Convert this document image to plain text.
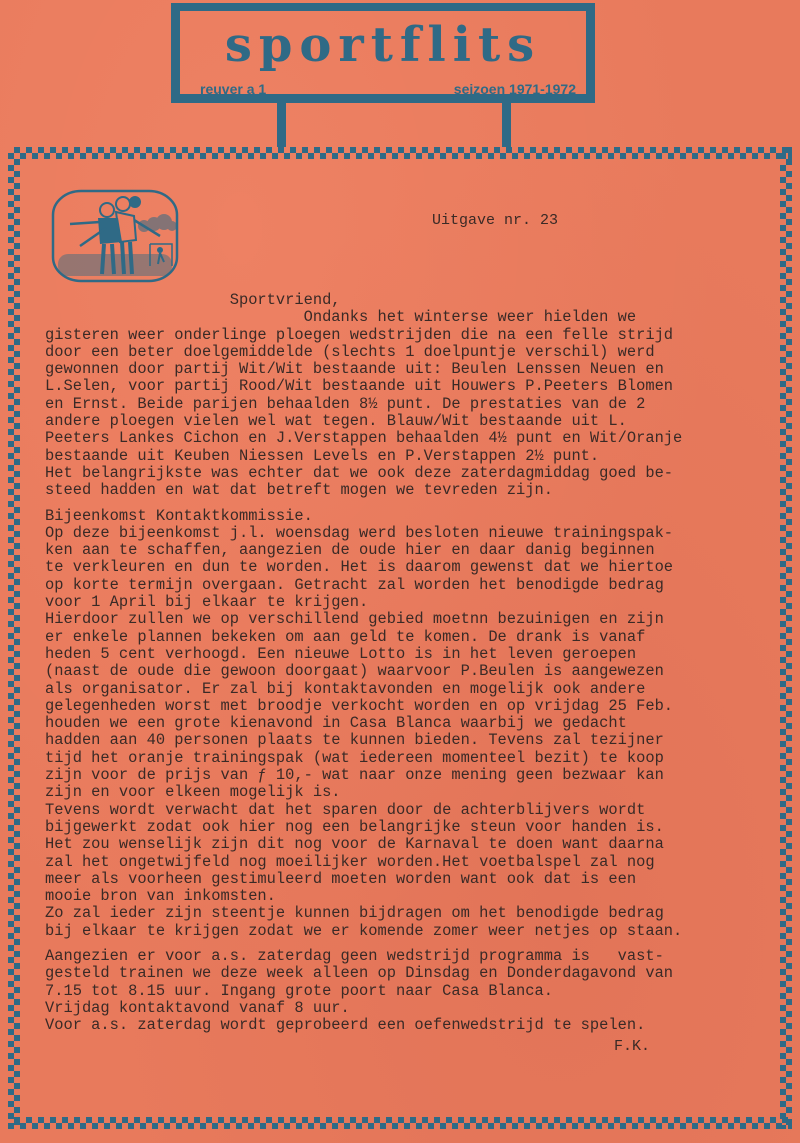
sportflits
reuver a 1	seizoen 1971-1972
Uitgave nr. 23
Sportvriend,
Ondanks het winterse weer hielden we
gisteren weer onderlinge ploegen wedstrijden die na een felle strijd
door een beter doelgemiddelde (slechts 1 doelpuntje verschil) werd
gewonnen door partij Wit/Wit bestaande uit: Beulen Lenssen Neuen en
L.Selen, voor partij Rood/Wit bestaande uit Houwers P.Peeters Blomen
en Ernst. Beide parijen behaalden 8½ punt. De prestaties van de 2
andere ploegen vielen wel wat tegen. Blauw/Wit bestaande uit L.
Peeters Lankes Cichon en J.Verstappen behaalden 4½ punt en Wit/Oranje
bestaande uit Keuben Niessen Levels en P.Verstappen 2½ punt.
Het belangrijkste was echter dat we ook deze zaterdagmiddag goed be-
steed hadden en wat dat betreft mogen we tevreden zijn.
Bijeenkomst Kontaktkommissie.
Op deze bijeenkomst j.l. woensdag werd besloten nieuwe trainingspak-
ken aan te schaffen, aangezien de oude hier en daar danig beginnen
te verkleuren en dun te worden. Het is daarom gewenst dat we hiertoe
op korte termijn overgaan. Getracht zal worden het benodigde bedrag
voor 1 April bij elkaar te krijgen.
Hierdoor zullen we op verschillend gebied moetnn bezuinigen en zijn
er enkele plannen bekeken om aan geld te komen. De drank is vanaf
heden 5 cent verhoogd. Een nieuwe Lotto is in het leven geroepen
(naast de oude die gewoon doorgaat) waarvoor P.Beulen is aangewezen
als organisator. Er zal bij kontaktavonden en mogelijk ook andere
gelegenheden worst met broodje verkocht worden en op vrijdag 25 Feb.
houden we een grote kienavond in Casa Blanca waarbij we gedacht
hadden aan 40 personen plaats te kunnen bieden. Tevens zal tezijner
tijd het oranje trainingspak (wat iedereen momenteel bezit) te koop
zijn voor de prijs van ƒ 10,- wat naar onze mening geen bezwaar kan
zijn en voor elkeen mogelijk is.
Tevens wordt verwacht dat het sparen door de achterblijvers wordt
bijgewerkt zodat ook hier nog een belangrijke steun voor handen is.
Het zou wenselijk zijn dit nog voor de Karnaval te doen want daarna
zal het ongetwijfeld nog moeilijker worden.Het voetbalspel zal nog
meer als voorheen gestimuleerd moeten worden want ook dat is een
mooie bron van inkomsten.
Zo zal ieder zijn steentje kunnen bijdragen om het benodigde bedrag
bij elkaar te krijgen zodat we er komende zomer weer netjes op staan.
Aangezien er voor a.s. zaterdag geen wedstrijd programma is   vast-
gesteld trainen we deze week alleen op Dinsdag en Donderdagavond van
7.15 tot 8.15 uur. Ingang grote poort naar Casa Blanca.
Vrijdag kontaktavond vanaf 8 uur.
Voor a.s. zaterdag wordt geprobeerd een oefenwedstrijd te spelen.
F.K.
